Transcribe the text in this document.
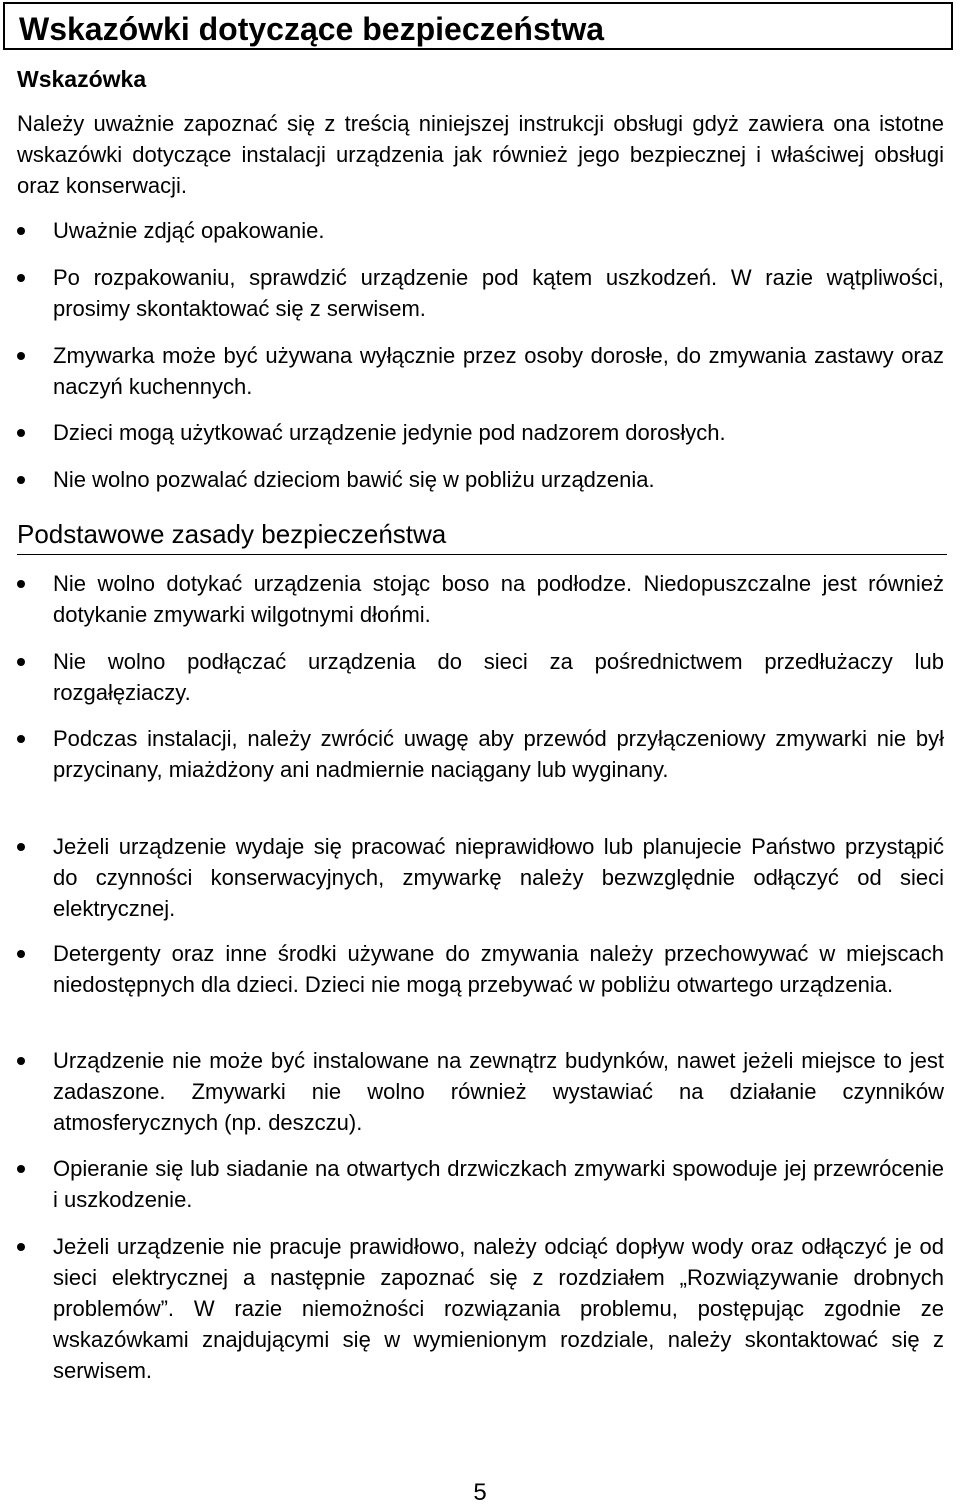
Wskazówki dotyczące bezpieczeństwa
Wskazówka
Należy uważnie zapoznać się z treścią niniejszej instrukcji obsługi gdyż zawiera ona istotne wskazówki dotyczące instalacji urządzenia jak również jego bezpiecznej i właściwej obsługi oraz konserwacji.
Uważnie zdjąć opakowanie.
Po rozpakowaniu, sprawdzić urządzenie pod kątem uszkodzeń. W razie wątpliwości, prosimy skontaktować się z serwisem.
Zmywarka może być używana wyłącznie przez osoby dorosłe, do zmywania zastawy oraz naczyń kuchennych.
Dzieci mogą użytkować urządzenie jedynie pod nadzorem dorosłych.
Nie wolno pozwalać dzieciom bawić się w pobliżu urządzenia.
Podstawowe zasady bezpieczeństwa
Nie wolno dotykać urządzenia stojąc boso na podłodze. Niedopuszczalne jest również dotykanie zmywarki wilgotnymi dłońmi.
Nie wolno podłączać urządzenia do sieci za pośrednictwem przedłużaczy lub rozgałęziaczy.
Podczas instalacji, należy zwrócić uwagę aby przewód przyłączeniowy zmywarki nie był przycinany, miażdżony ani nadmiernie naciągany lub wyginany.
Jeżeli urządzenie wydaje się pracować nieprawidłowo lub planujecie Państwo przystąpić do czynności konserwacyjnych, zmywarkę należy bezwzględnie odłączyć od sieci elektrycznej.
Detergenty oraz inne środki używane do zmywania należy przechowywać w miejscach niedostępnych dla dzieci. Dzieci nie mogą przebywać w pobliżu otwartego urządzenia.
Urządzenie nie może być instalowane na zewnątrz budynków, nawet jeżeli miejsce to jest zadaszone. Zmywarki nie wolno również wystawiać na działanie czynników atmosferycznych (np. deszczu).
Opieranie się lub siadanie na otwartych drzwiczkach zmywarki spowoduje jej przewrócenie i uszkodzenie.
Jeżeli urządzenie nie pracuje prawidłowo, należy odciąć dopływ wody oraz odłączyć je od sieci elektrycznej a następnie zapoznać się z rozdziałem „Rozwiązywanie drobnych problemów”. W razie niemożności rozwiązania problemu, postępując zgodnie ze wskazówkami znajdującymi się w wymienionym rozdziale, należy skontaktować się z serwisem.
5
